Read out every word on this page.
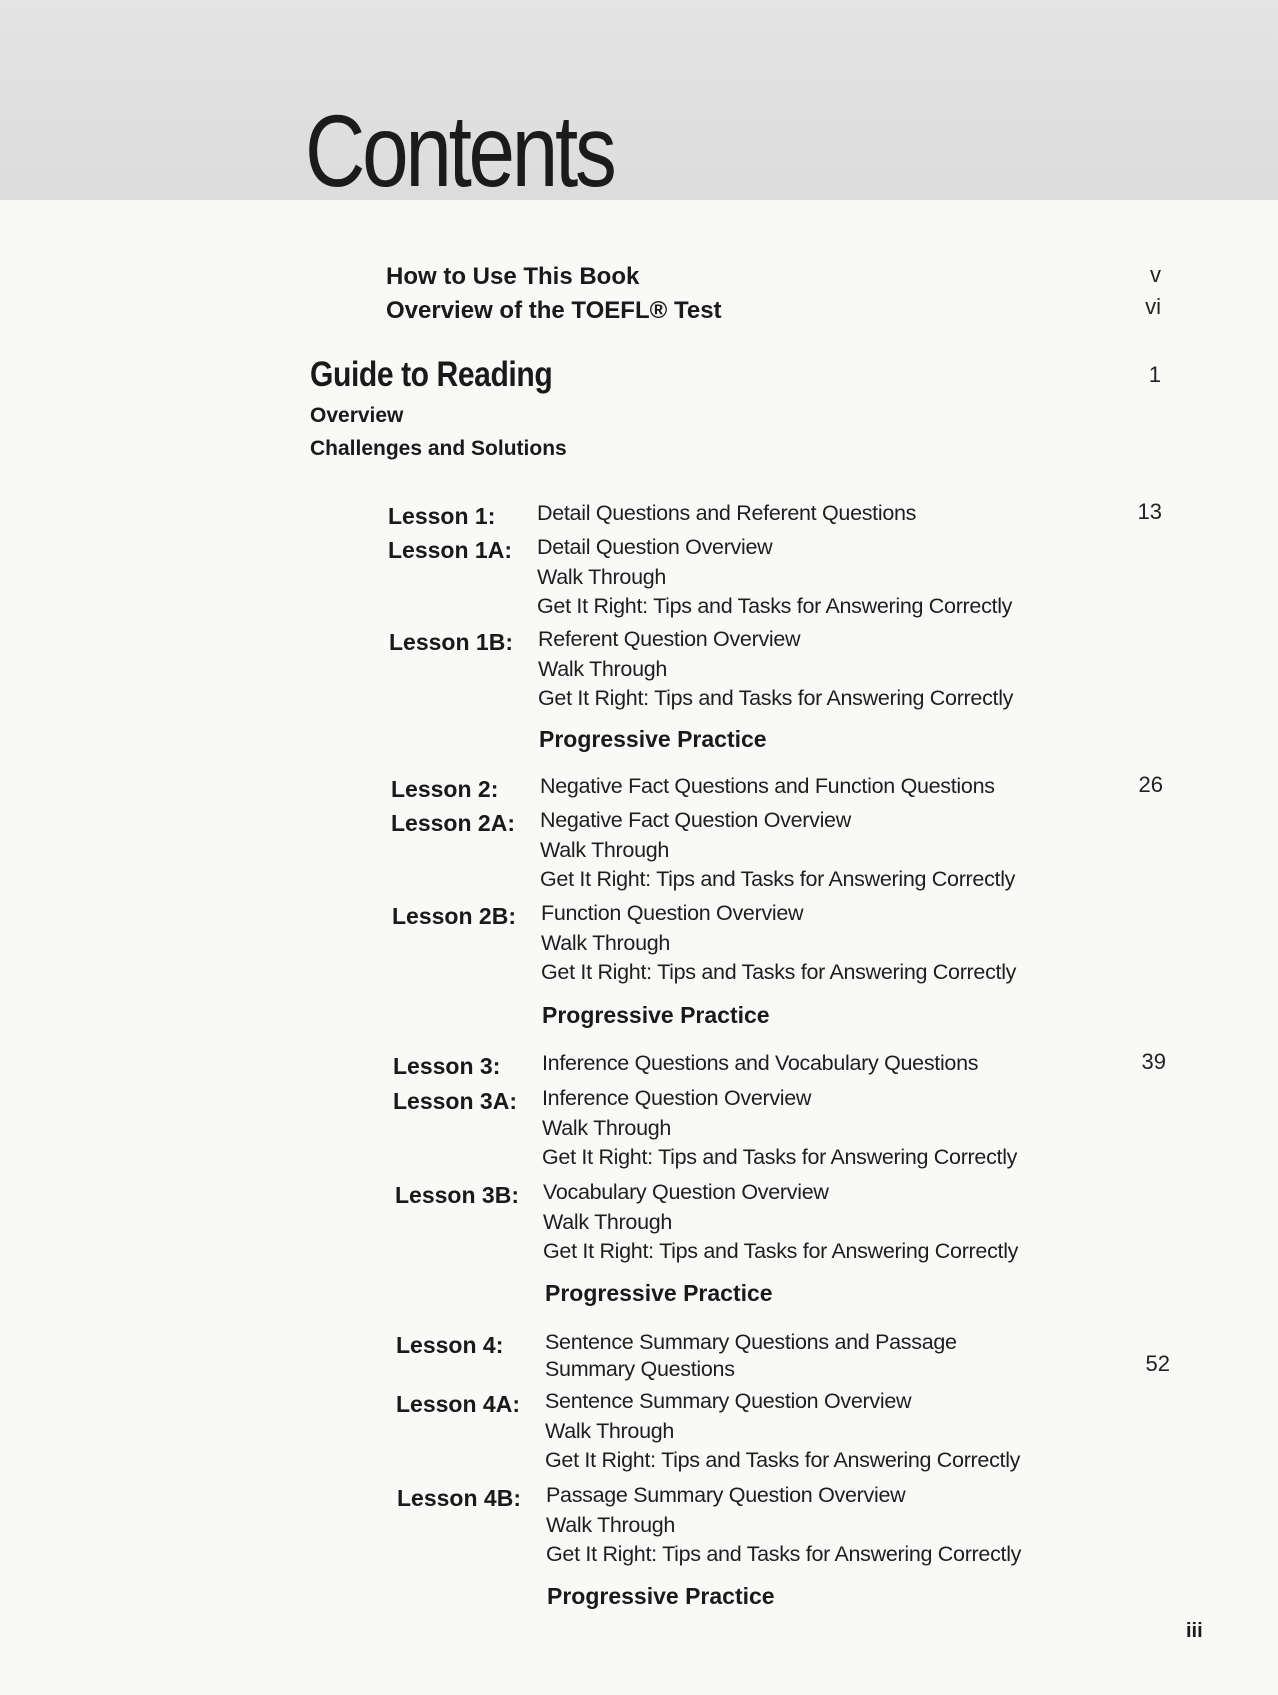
Contents
How to Use This Book	v
Overview of the TOEFL® Test	vi
Guide to Reading	1
Overview
Challenges and Solutions
Lesson 1: Detail Questions and Referent Questions	13
Lesson 1A: Detail Question Overview
Walk Through
Get It Right: Tips and Tasks for Answering Correctly
Lesson 1B: Referent Question Overview
Walk Through
Get It Right: Tips and Tasks for Answering Correctly
Progressive Practice
Lesson 2: Negative Fact Questions and Function Questions	26
Lesson 2A: Negative Fact Question Overview
Walk Through
Get It Right: Tips and Tasks for Answering Correctly
Lesson 2B: Function Question Overview
Walk Through
Get It Right: Tips and Tasks for Answering Correctly
Progressive Practice
Lesson 3: Inference Questions and Vocabulary Questions	39
Lesson 3A: Inference Question Overview
Walk Through
Get It Right: Tips and Tasks for Answering Correctly
Lesson 3B: Vocabulary Question Overview
Walk Through
Get It Right: Tips and Tasks for Answering Correctly
Progressive Practice
Lesson 4: Sentence Summary Questions and Passage
Summary Questions	52
Lesson 4A: Sentence Summary Question Overview
Walk Through
Get It Right: Tips and Tasks for Answering Correctly
Lesson 4B: Passage Summary Question Overview
Walk Through
Get It Right: Tips and Tasks for Answering Correctly
Progressive Practice
iii
